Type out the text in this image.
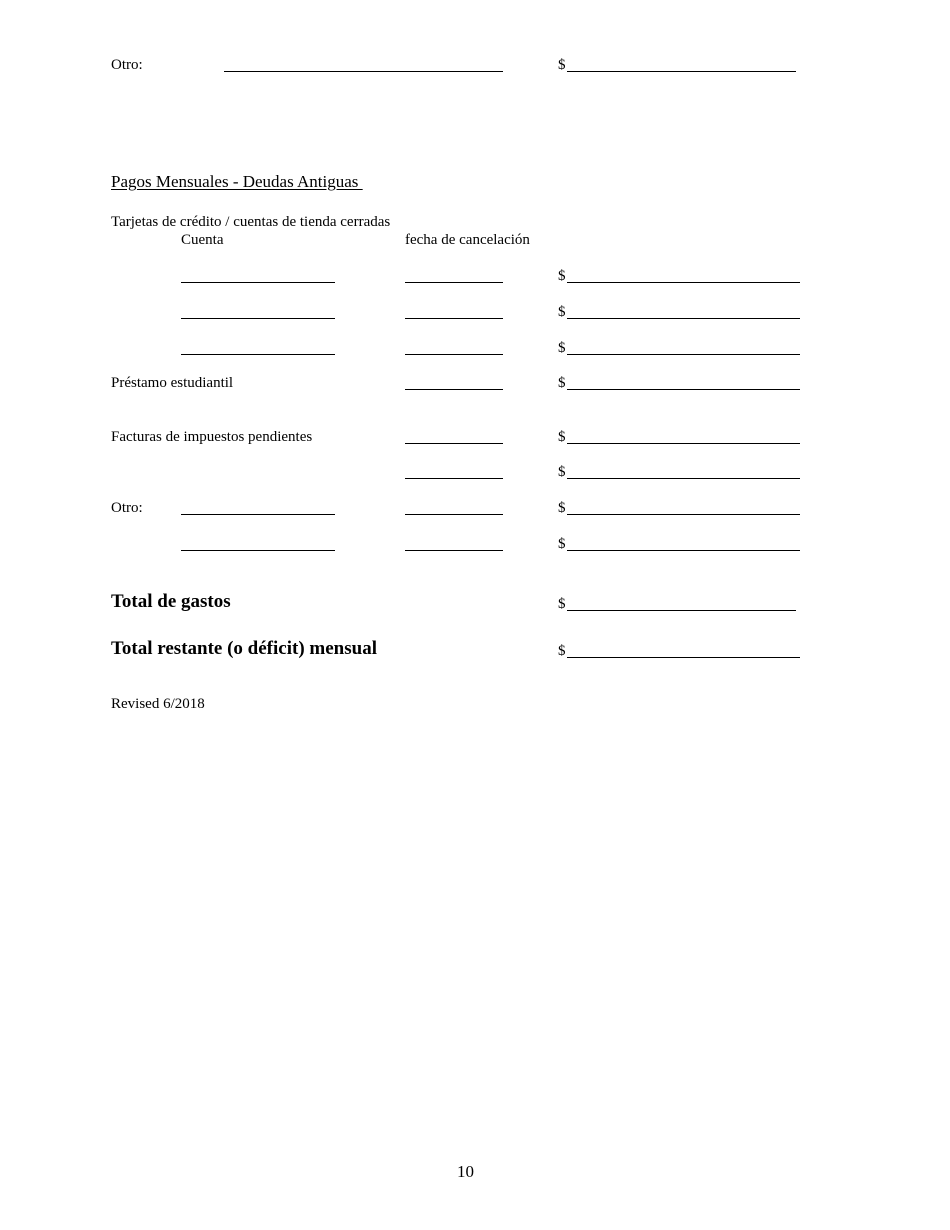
Otro:	$
Pagos Mensuales - Deudas Antiguas
Tarjetas de crédito / cuentas de tienda cerradas
Cuenta	fecha de cancelación
$
$
$
Préstamo estudiantil	$
Facturas de impuestos pendientes	$
$
Otro:	$
$
Total de gastos	$
Total restante (o déficit) mensual	$
Revised 6/2018
10
